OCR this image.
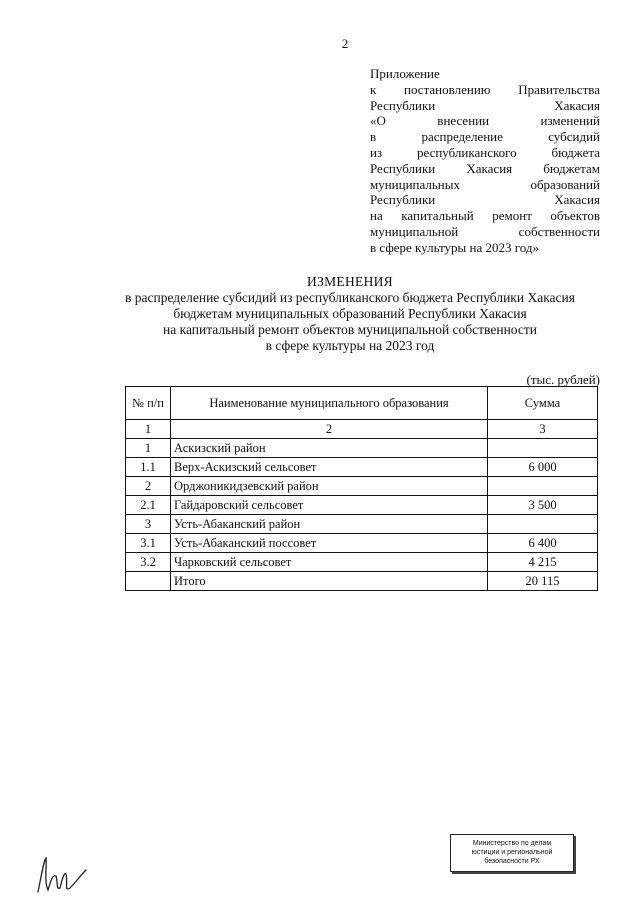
2
Приложение
к постановлению Правительства
Республики Хакасия
«О внесении изменений
в распределение субсидий
из республиканского бюджета
Республики Хакасия бюджетам
муниципальных образований
Республики Хакасия
на капитальный ремонт объектов
муниципальной собственности
в сфере культуры на 2023 год»
ИЗМЕНЕНИЯ
в распределение субсидий из республиканского бюджета Республики Хакасия
бюджетам муниципальных образований Республики Хакасия
на капитальный ремонт объектов муниципальной собственности
в сфере культуры на 2023 год
(тыс. рублей)
№ п/п	Наименование муниципального образования	Сумма
1	2	3
1	Аскизский район	
1.1	Верх-Аскизский сельсовет	6 000
2	Орджоникидзевский район	
2.1	Гайдаровский сельсовет	3 500
3	Усть-Абаканский район	
3.1	Усть-Абаканский поссовет	6 400
3.2	Чарковский сельсовет	4 215
	Итого	20 115
Министерство по делам
юстиции и региональной
безопасности РХ
